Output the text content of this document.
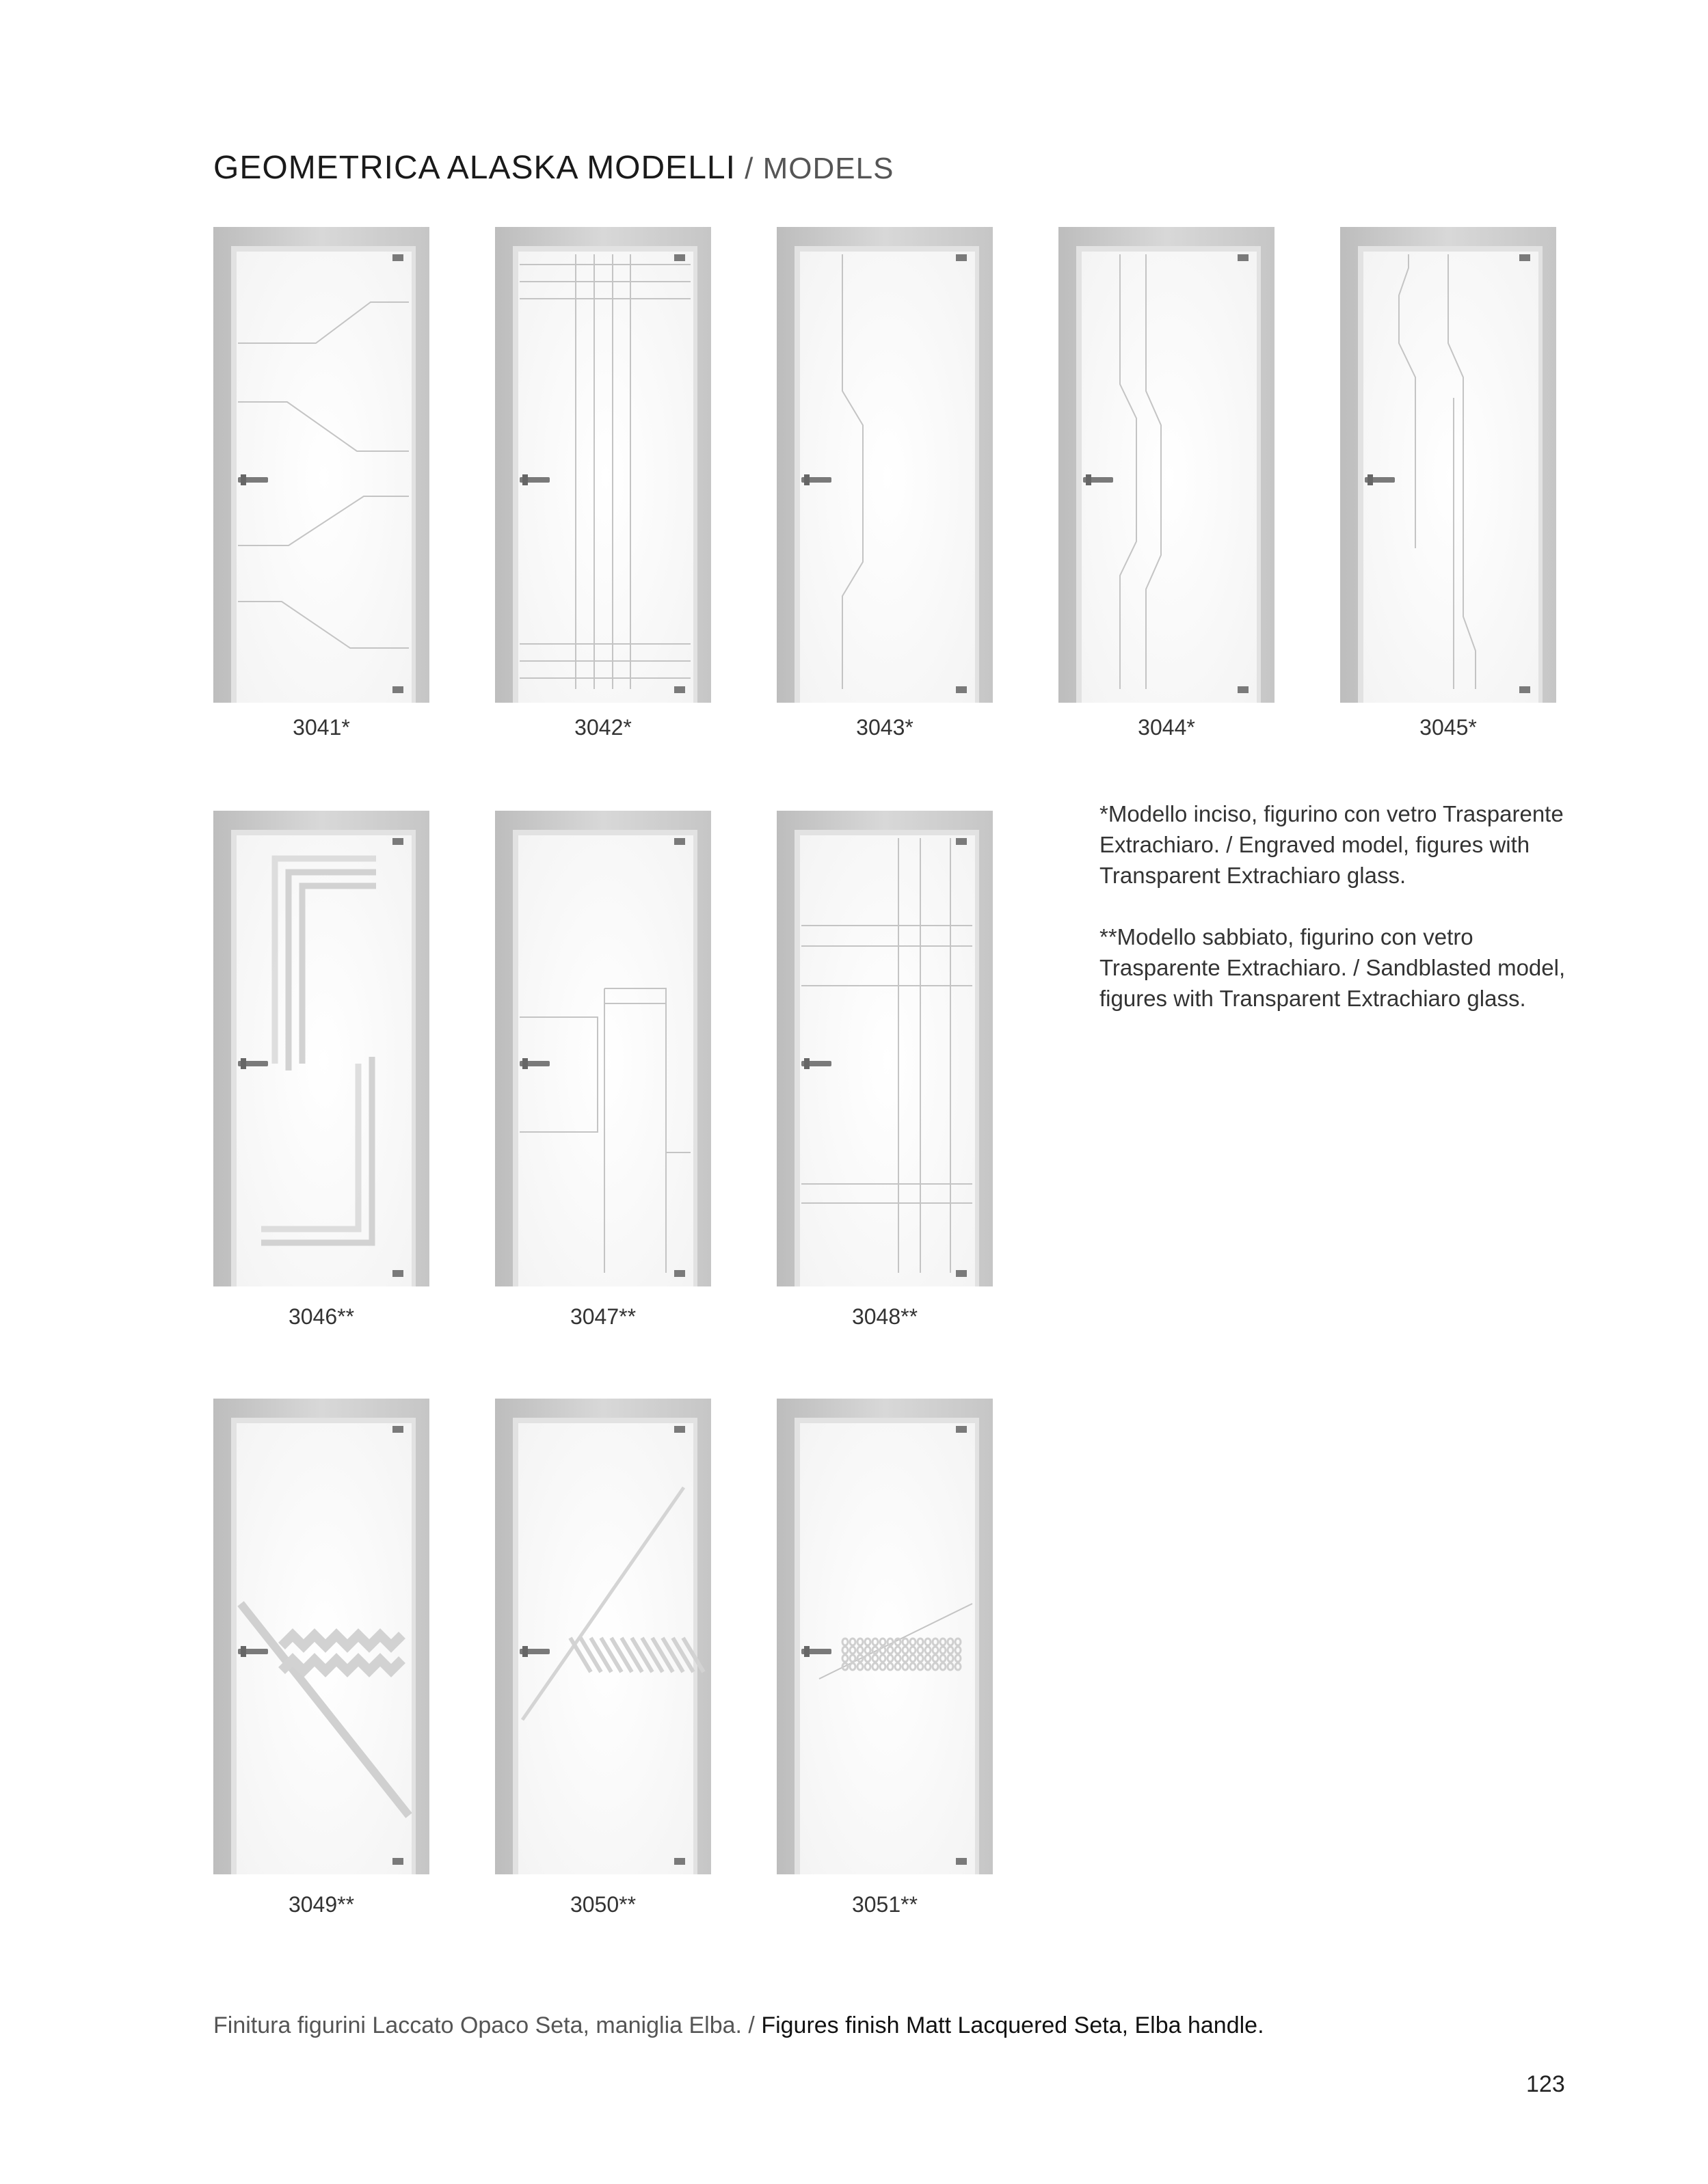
GEOMETRICA ALASKA MODELLI / MODELS
3041*	3042*	3043*	3044*	3045*
3046**	3047**	3048**

*Modello inciso, figurino con vetro Trasparente Extrachiaro. / Engraved model, figures with Transparent Extrachiaro glass.

**Modello sabbiato, figurino con vetro Trasparente Extrachiaro. / Sandblasted model, figures with Transparent Extrachiaro glass.

3049**	3050**	3051**
Finitura figurini Laccato Opaco Seta, maniglia Elba. / Figures finish Matt Lacquered Seta, Elba handle.
123
